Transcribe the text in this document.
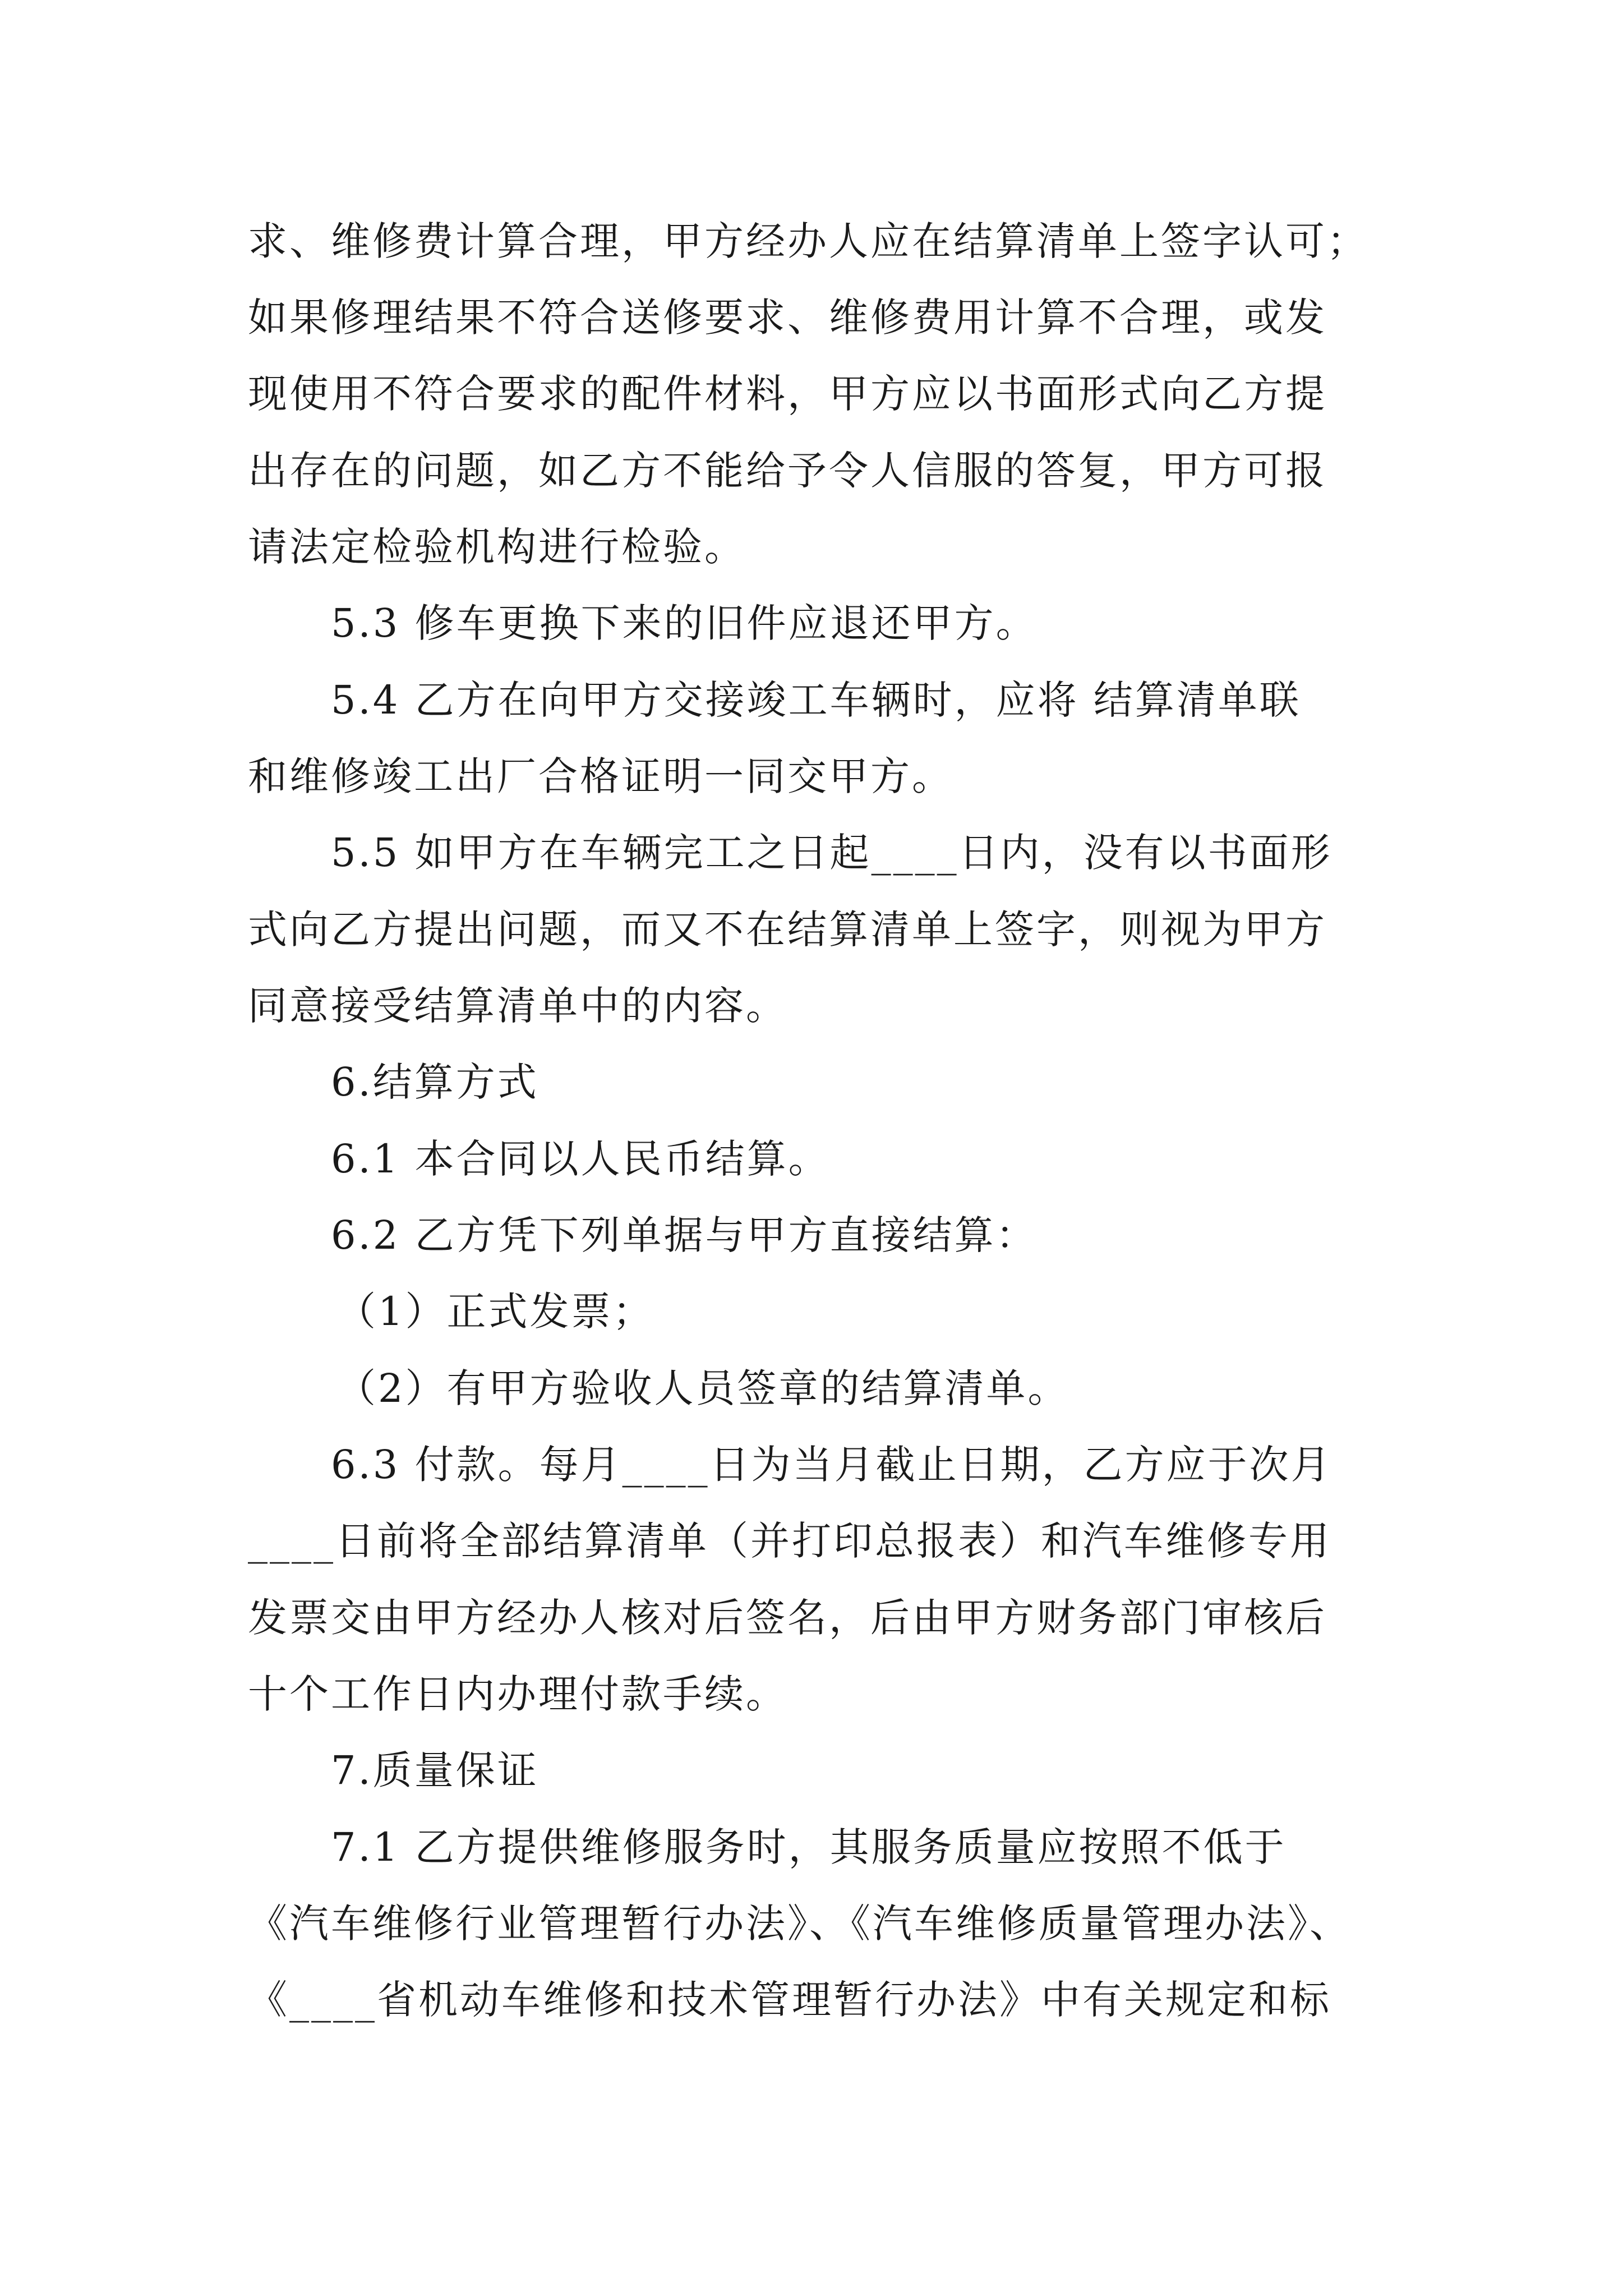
求、维修费计算合理，甲方经办人应在结算清单上签字认可；
如果修理结果不符合送修要求、维修费用计算不合理，或发
现使用不符合要求的配件材料，甲方应以书面形式向乙方提
出存在的问题，如乙方不能给予令人信服的答复，甲方可报
请法定检验机构进行检验。
5.3 修车更换下来的旧件应退还甲方。
5.4 乙方在向甲方交接竣工车辆时，应将 结算清单联
和维修竣工出厂合格证明一同交甲方。
5.5 如甲方在车辆完工之日起____日内，没有以书面形
式向乙方提出问题，而又不在结算清单上签字，则视为甲方
同意接受结算清单中的内容。
6.结算方式
6.1 本合同以人民币结算。
6.2 乙方凭下列单据与甲方直接结算：
（1）正式发票；
（2）有甲方验收人员签章的结算清单。
6.3 付款。每月____日为当月截止日期，乙方应于次月
____日前将全部结算清单（并打印总报表）和汽车维修专用
发票交由甲方经办人核对后签名，后由甲方财务部门审核后
十个工作日内办理付款手续。
7.质量保证
7.1 乙方提供维修服务时，其服务质量应按照不低于
《汽车维修行业管理暂行办法》、《汽车维修质量管理办法》、
《____省机动车维修和技术管理暂行办法》中有关规定和标
